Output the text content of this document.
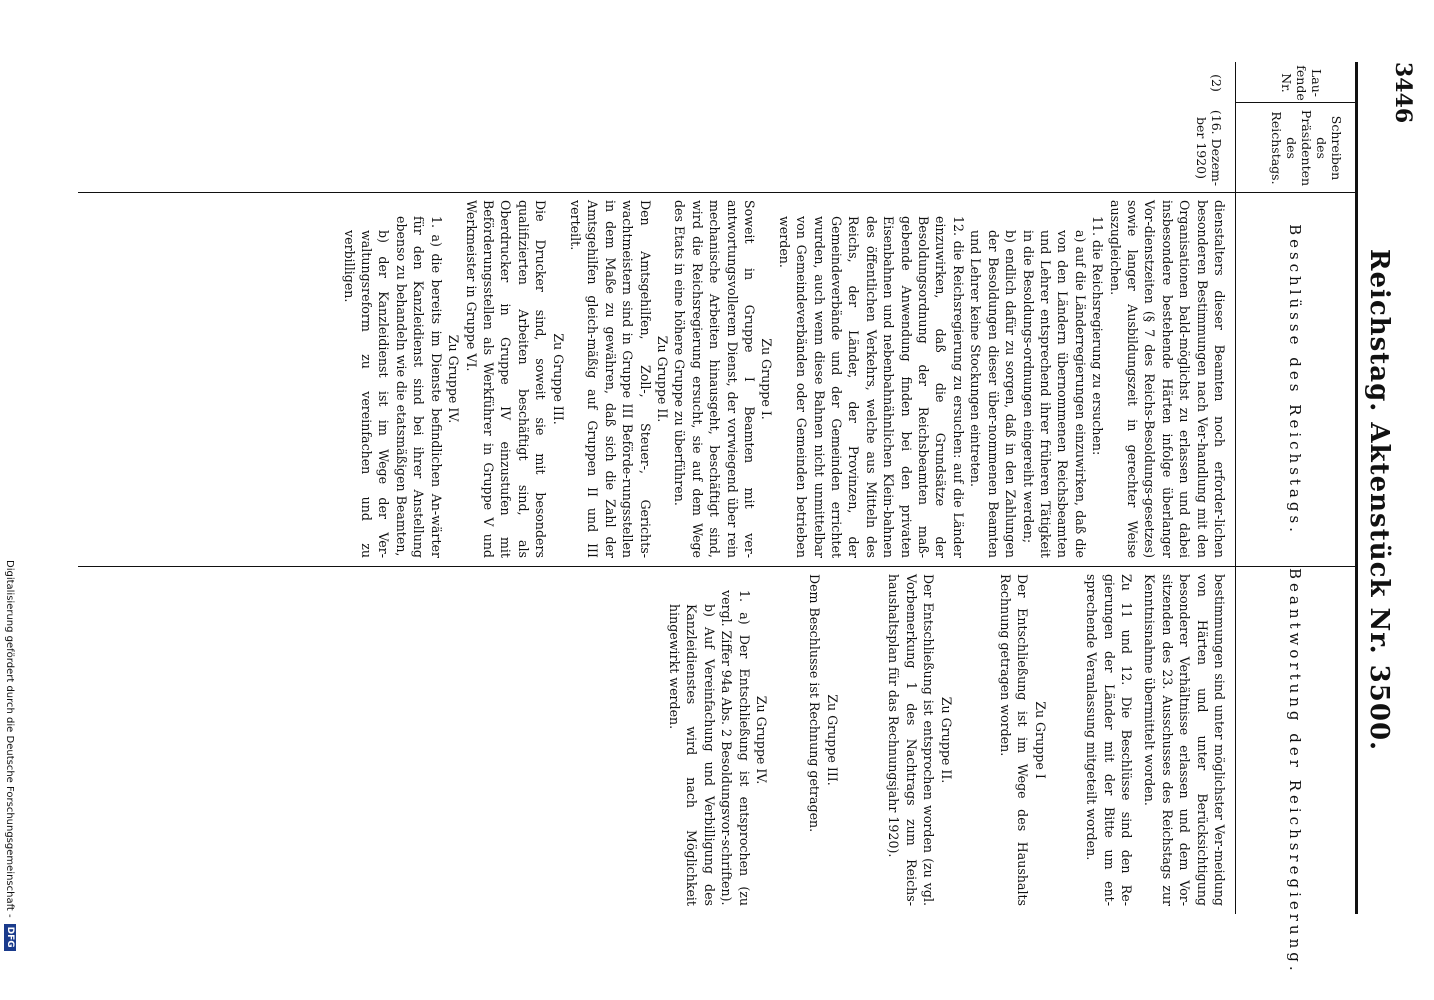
3446
Reichstag. Aktenstück Nr. 3500.
Lau-
fende
Nr.
Schreiben
des
Präsidenten
des
Reichstags.
Beschlüsse des Reichstags.
Beantwortung der Reichsregierung.
(2)
(16. Dezem-
ber 1920)

dienstalters dieser Beamten noch erforder-lichen besonderen Bestimmungen nach Ver-handlung mit den Organisationen bald-möglichst zu erlassen und dabei insbesondere bestehende Härten infolge überlanger Vor-dienstzeiten (§ 7 des Reichs-Besoldungs-gesetzes) sowie langer Ausbildungszeit in gerechter Weise auszugleichen.

11. die Reichsregierung zu ersuchen:

a) auf die Länderregierungen einzuwirken, daß die von den Ländern übernommenen Reichsbeamten und Lehrer entsprechend ihrer früheren Tätigkeit in die Besoldungs-ordnungen eingereiht werden;

b) endlich dafür zu sorgen, daß in den Zahlungen der Besoldungen dieser über-nommenen Beamten und Lehrer keine Stockungen eintreten.

12. die Reichsregierung zu ersuchen: auf die Länder einzuwirken, daß die Grundsätze der Besoldungsordnung der Reichsbeamten maß-gebende Anwendung finden bei den privaten Eisenbahnen und nebenbahnähnlichen Klein-bahnen des öffentlichen Verkehrs, welche aus Mitteln des Reichs, der Länder, der Provinzen, der Gemeindeverbände und der Gemeinden errichtet wurden, auch wenn diese Bahnen nicht unmittelbar von Gemeindeverbänden oder Gemeinden betrieben werden.

Zu Gruppe I.

Soweit in Gruppe I Beamten mit ver-antwortungsvollerem Dienst, der vorwiegend über rein mechanische Arbeiten hinausgeht, beschäftigt sind, wird die Reichsregierung ersucht, sie auf dem Wege des Etats in eine höhere Gruppe zu überführen.

Zu Gruppe II.

Den Amtsgehilfen, Zoll-, Steuer-, Gerichts-wachtmeistern sind in Gruppe III Beförde-rungsstellen in dem Maße zu gewähren, daß sich die Zahl der Amtsgehilfen gleich-mäßig auf Gruppen II und III verteilt.

Zu Gruppe III.

Die Drucker sind, soweit sie mit besonders qualifizierten Arbeiten beschäftigt sind, als Oberdrucker in Gruppe IV einzustufen mit Beförderungsstellen als Werkführer in Gruppe V und Werkmeister in Gruppe VI.

Zu Gruppe IV.

1. a) die bereits im Dienste befindlichen An-wärter für den Kanzleidienst sind bei ihrer Anstellung ebenso zu behandeln wie die etatsmäßigen Beamten,

b) der Kanzleidienst ist im Wege der Ver-waltungsreform zu vereinfachen und zu verbilligen.

bestimmungen sind unter möglichster Ver-meidung von Härten und unter Berücksichtigung besonderer Verhältnisse erlassen und dem Vor-sitzenden des 23. Ausschusses des Reichstags zur Kenntnisnahme übermittelt worden.

Zu 11 und 12. Die Beschlüsse sind den Re-gierungen der Länder mit der Bitte um ent-sprechende Veranlassung mitgeteilt worden.

Zu Gruppe I

Der Entschließung ist im Wege des Haushalts Rechnung getragen worden.

Zu Gruppe II.

Der Entschließung ist entsprochen worden (zu vgl. Vorbemerkung 1 des Nachtrags zum Reichs-haushaltsplan für das Rechnungsjahr 1920).

Zu Gruppe III.

Dem Beschlusse ist Rechnung getragen.

Zu Gruppe IV.

1. a) Der Entschließung ist entsprochen (zu vergl. Ziffer 94a Abs. 2 Besoldungsvor-schriften).

b) Auf Vereinfachung und Verbilligung des Kanzleidienstes wird nach Möglichkeit hingewirkt werden.

Digitalisierung gefördert durch die Deutsche Forschungsgemeinschaft -DFG
